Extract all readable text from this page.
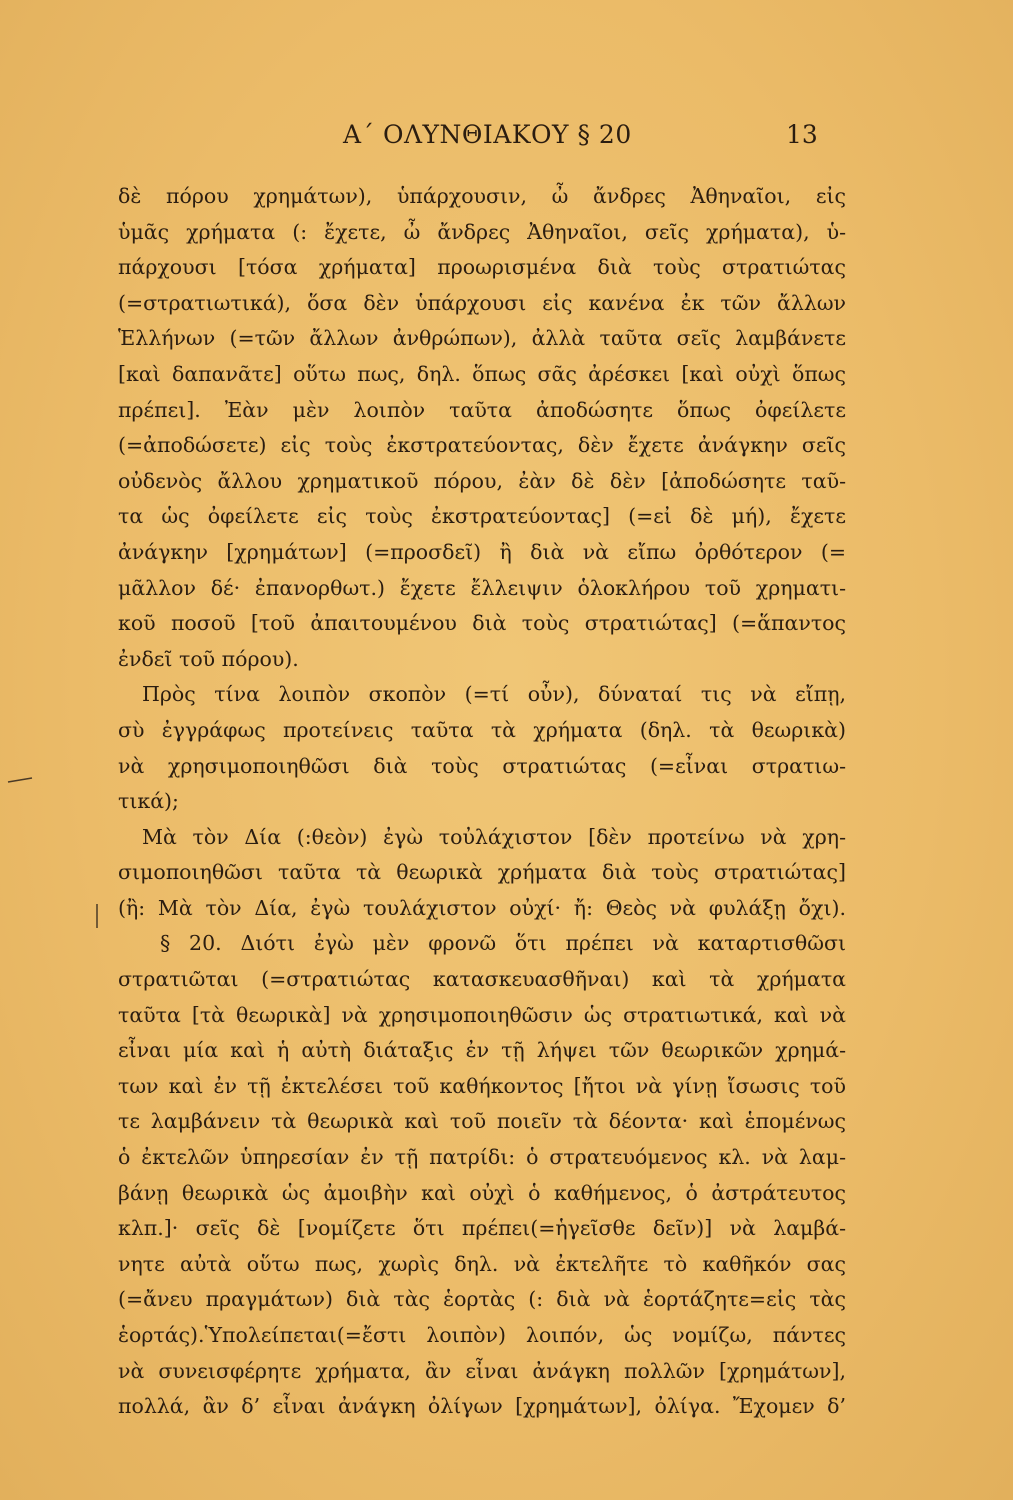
Α΄ ΟΛΥΝΘΙΑΚΟΥ § 20	13
δὲ πόρου χρημάτων), ὑπάρχουσιν, ὦ ἄνδρες Ἀθηναῖοι, εἰς
ὑμᾶς χρήματα (: ἔχετε, ὦ ἄνδρες Ἀθηναῖοι, σεῖς χρήματα), ὑ-
πάρχουσι [τόσα χρήματα] προωρισμένα διὰ τοὺς στρατιώτας
(=στρατιωτικά), ὅσα δὲν ὑπάρχουσι εἰς κανένα ἐκ τῶν ἄλλων
Ἑλλήνων (=τῶν ἄλλων ἀνθρώπων), ἀλλὰ ταῦτα σεῖς λαμβάνετε
[καὶ δαπανᾶτε] οὕτω πως, δηλ. ὅπως σᾶς ἀρέσκει [καὶ οὐχὶ ὅπως
πρέπει]. Ἐὰν μὲν λοιπὸν ταῦτα ἀποδώσητε ὅπως ὀφείλετε
(=ἀποδώσετε) εἰς τοὺς ἐκστρατεύοντας, δὲν ἔχετε ἀνάγκην σεῖς
οὐδενὸς ἄλλου χρηματικοῦ πόρου, ἐὰν δὲ δὲν [ἀποδώσητε ταῦ-
τα ὡς ὀφείλετε εἰς τοὺς ἐκστρατεύοντας] (=εἰ δὲ μή), ἔχετε
ἀνάγκην [χρημάτων] (=προσδεῖ) ἢ διὰ νὰ εἴπω ὀρθότερον (=
μᾶλλον δέ· ἐπανορθωτ.) ἔχετε ἔλλειψιν ὁλοκλήρου τοῦ χρηματι-
κοῦ ποσοῦ [τοῦ ἀπαιτουμένου διὰ τοὺς στρατιώτας] (=ἅπαντος
ἐνδεῖ τοῦ πόρου).
Πρὸς τίνα λοιπὸν σκοπὸν (=τί οὖν), δύναταί τις νὰ εἴπῃ,
σὺ ἐγγράφως προτείνεις ταῦτα τὰ χρήματα (δηλ. τὰ θεωρικὰ)
νὰ χρησιμοποιηθῶσι διὰ τοὺς στρατιώτας (=εἶναι στρατιω-
τικά);
Μὰ τὸν Δία (:θεὸν) ἐγὼ τοὐλάχιστον [δὲν προτείνω νὰ χρη-
σιμοποιηθῶσι ταῦτα τὰ θεωρικὰ χρήματα διὰ τοὺς στρατιώτας]
(ἢ: Μὰ τὸν Δία, ἐγὼ τουλάχιστον οὐχί· ἤ: Θεὸς νὰ φυλάξῃ ὄχι).
§ 20. Διότι ἐγὼ μὲν φρονῶ ὅτι πρέπει νὰ καταρτισθῶσι
στρατιῶται (=στρατιώτας κατασκευασθῆναι) καὶ τὰ χρήματα
ταῦτα [τὰ θεωρικὰ] νὰ χρησιμοποιηθῶσιν ὡς στρατιωτικά, καὶ νὰ
εἶναι μία καὶ ἡ αὐτὴ διάταξις ἐν τῇ λήψει τῶν θεωρικῶν χρημά-
των καὶ ἐν τῇ ἐκτελέσει τοῦ καθήκοντος [ἤτοι νὰ γίνῃ ἴσωσις τοῦ
τε λαμβάνειν τὰ θεωρικὰ καὶ τοῦ ποιεῖν τὰ δέοντα· καὶ ἑπομένως
ὁ ἐκτελῶν ὑπηρεσίαν ἐν τῇ πατρίδι: ὁ στρατευόμενος κλ. νὰ λαμ-
βάνῃ θεωρικὰ ὡς ἀμοιβὴν καὶ οὐχὶ ὁ καθήμενος, ὁ ἀστράτευτος
κλπ.]· σεῖς δὲ [νομίζετε ὅτι πρέπει(=ἡγεῖσθε δεῖν)] νὰ λαμβά-
νητε αὐτὰ οὕτω πως, χωρὶς δηλ. νὰ ἐκτελῆτε τὸ καθῆκόν σας
(=ἄνευ πραγμάτων) διὰ τὰς ἑορτὰς (: διὰ νὰ ἑορτάζητε=εἰς τὰς
ἑορτάς).Ὑπολείπεται(=ἔστι λοιπὸν) λοιπόν, ὡς νομίζω, πάντες
νὰ συνεισφέρητε χρήματα, ἂν εἶναι ἀνάγκη πολλῶν [χρημάτων],
πολλά, ἂν δ’ εἶναι ἀνάγκη ὀλίγων [χρημάτων], ὀλίγα. Ἔχομεν δ’
